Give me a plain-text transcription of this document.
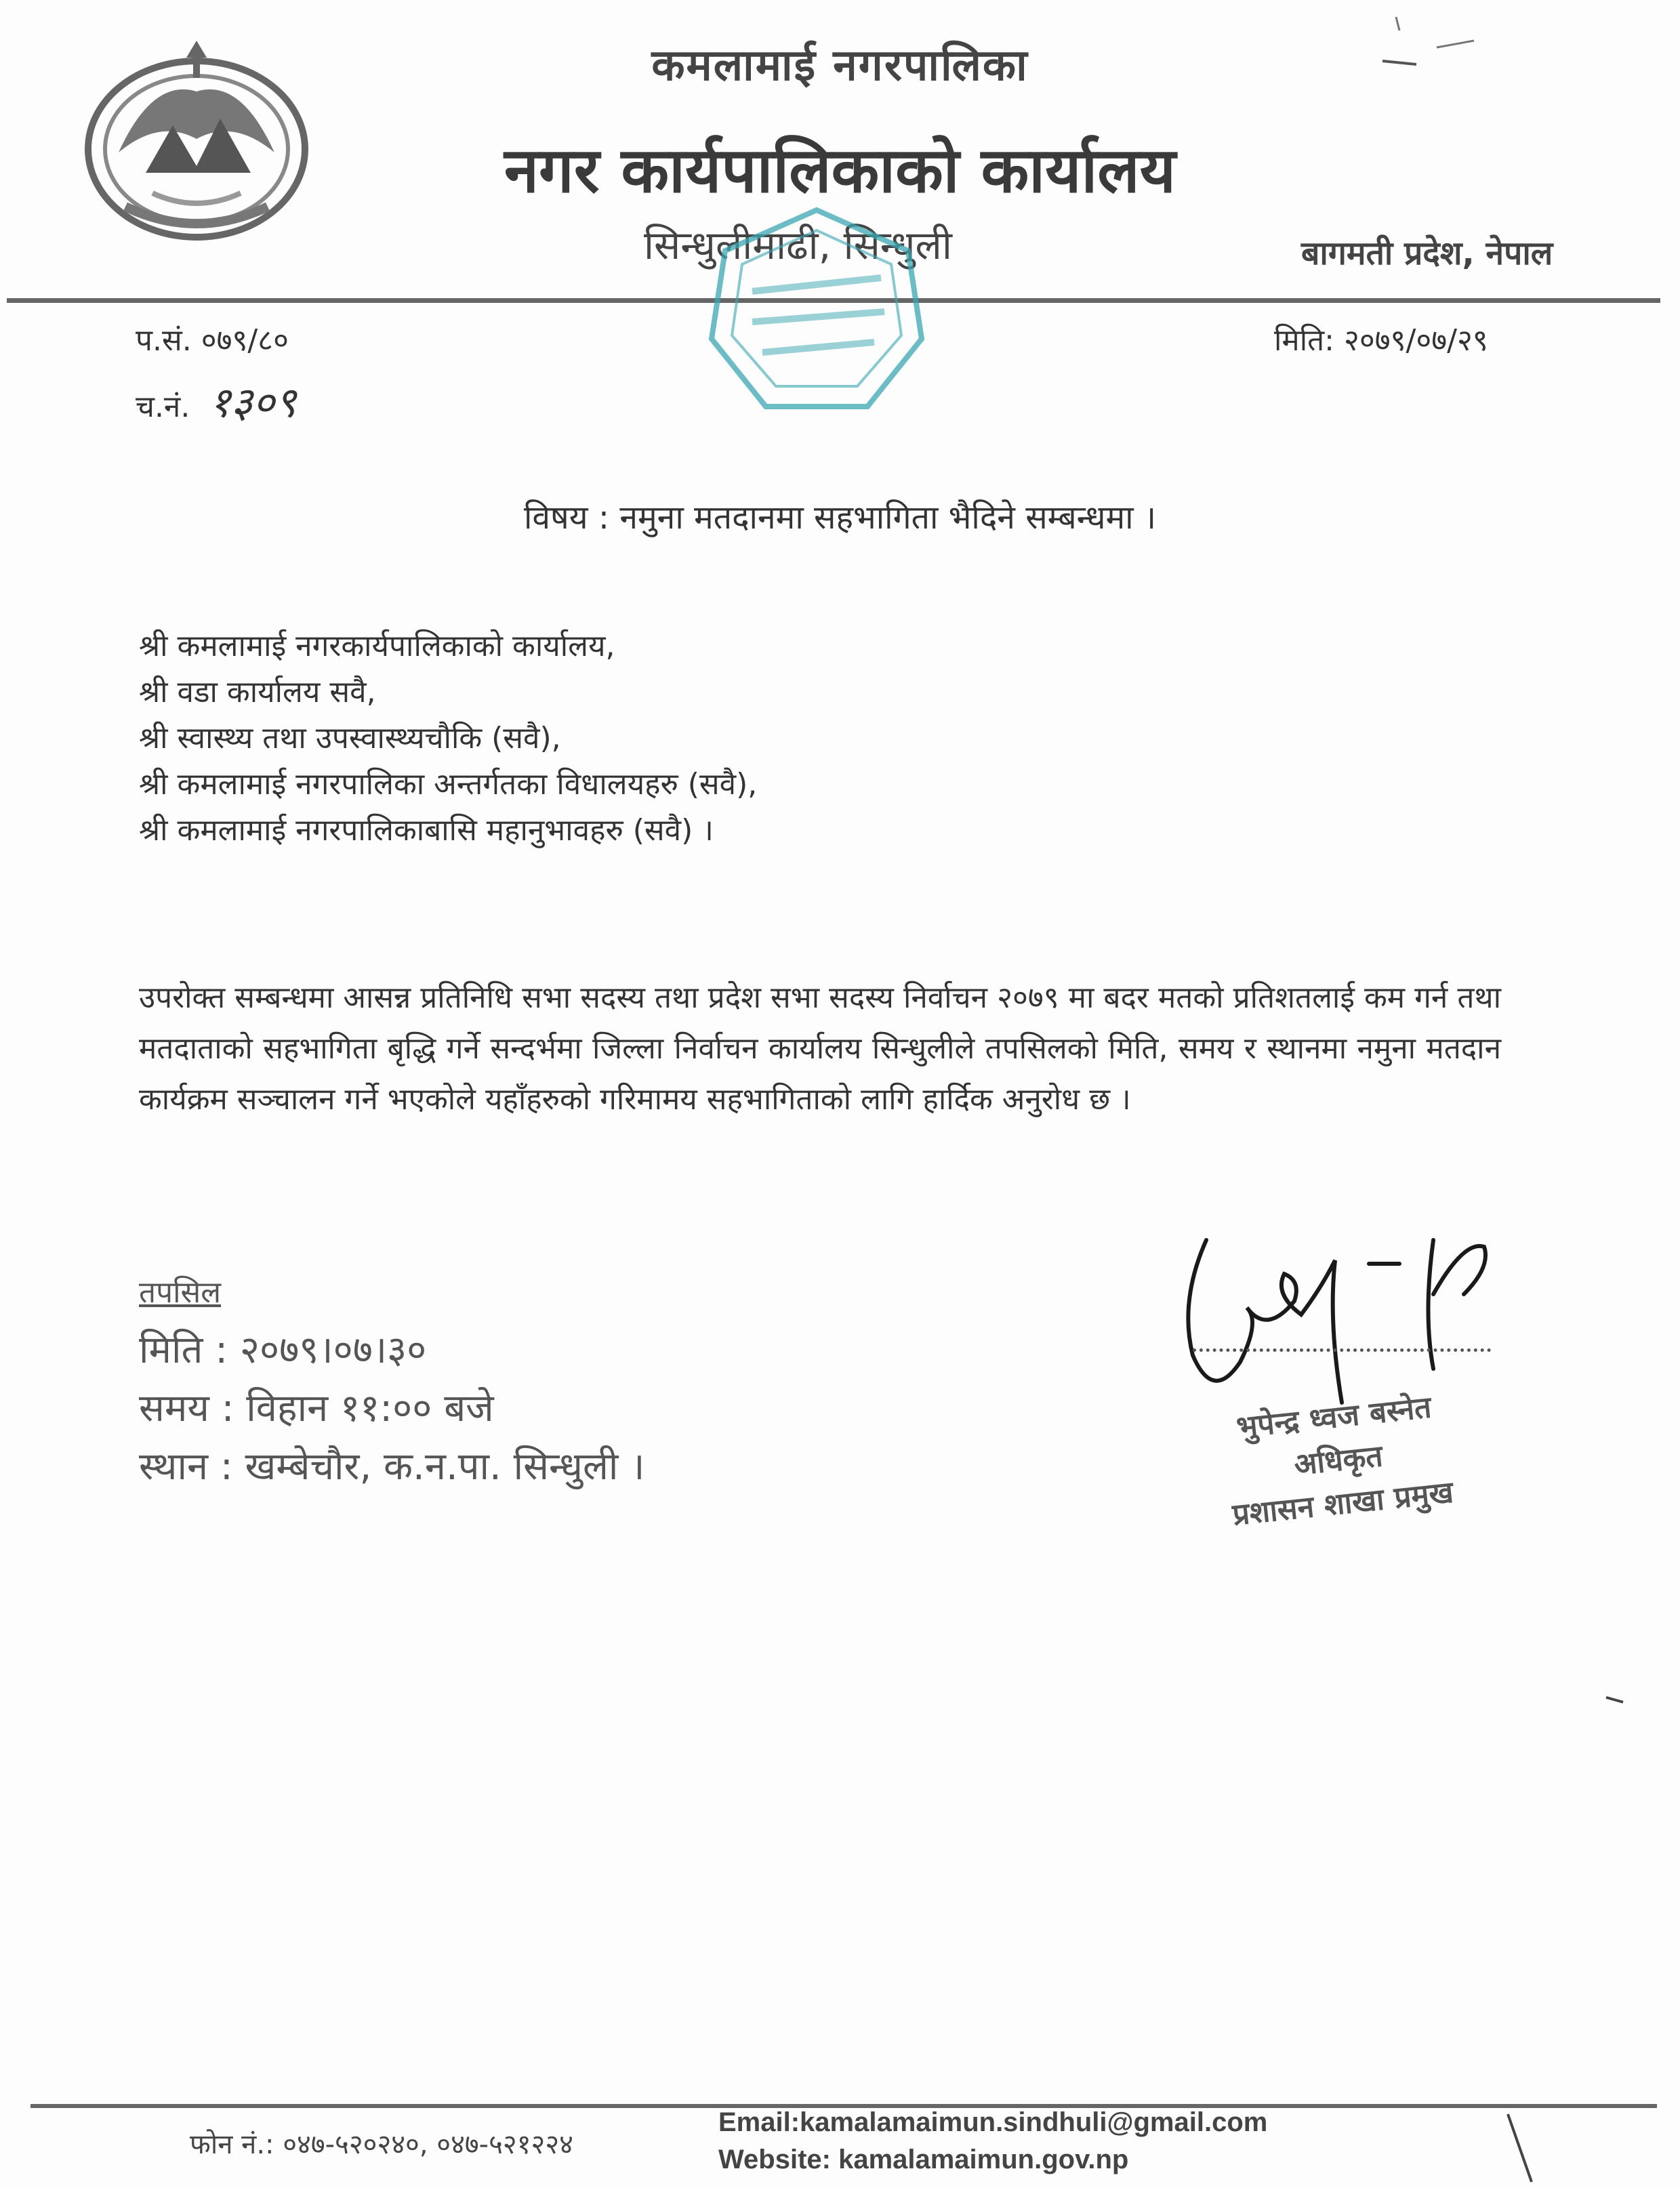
कमलामाई नगरपालिका
नगर कार्यपालिकाको कार्यालय
सिन्धुलीमाढी, सिन्धुली	बागमती प्रदेश, नेपाल
प.सं. ०७९/८०
च.नं. १३०९
मिति: २०७९/०७/२९
विषय : नमुना मतदानमा सहभागिता भैदिने सम्बन्धमा ।
श्री कमलामाई नगरकार्यपालिकाको कार्यालय,
श्री वडा कार्यालय सवै,
श्री स्वास्थ्य तथा उपस्वास्थ्यचौकि (सवै),
श्री कमलामाई नगरपालिका अन्तर्गतका विधालयहरु (सवै),
श्री कमलामाई नगरपालिकाबासि महानुभावहरु (सवै) ।
उपरोक्त सम्बन्धमा आसन्न प्रतिनिधि सभा सदस्य तथा प्रदेश सभा सदस्य निर्वाचन २०७९ मा बदर मतको प्रतिशतलाई कम गर्न तथा मतदाताको सहभागिता बृद्धि गर्ने सन्दर्भमा जिल्ला निर्वाचन कार्यालय सिन्धुलीले तपसिलको मिति, समय र स्थानमा नमुना मतदान कार्यक्रम सञ्चालन गर्ने भएकोले यहाँहरुको गरिमामय सहभागिताको लागि हार्दिक अनुरोध छ ।
तपसिल
मिति : २०७९।०७।३०
समय : विहान ११:०० बजे
स्थान : खम्बेचौर, क.न.पा. सिन्धुली ।
भुपेन्द्र ध्वज बस्नेत
अधिकृत
प्रशासन शाखा प्रमुख
फोन नं.: ०४७-५२०२४०, ०४७-५२१२२४
Email:kamalamaimun.sindhuli@gmail.com
Website: kamalamaimun.gov.np
